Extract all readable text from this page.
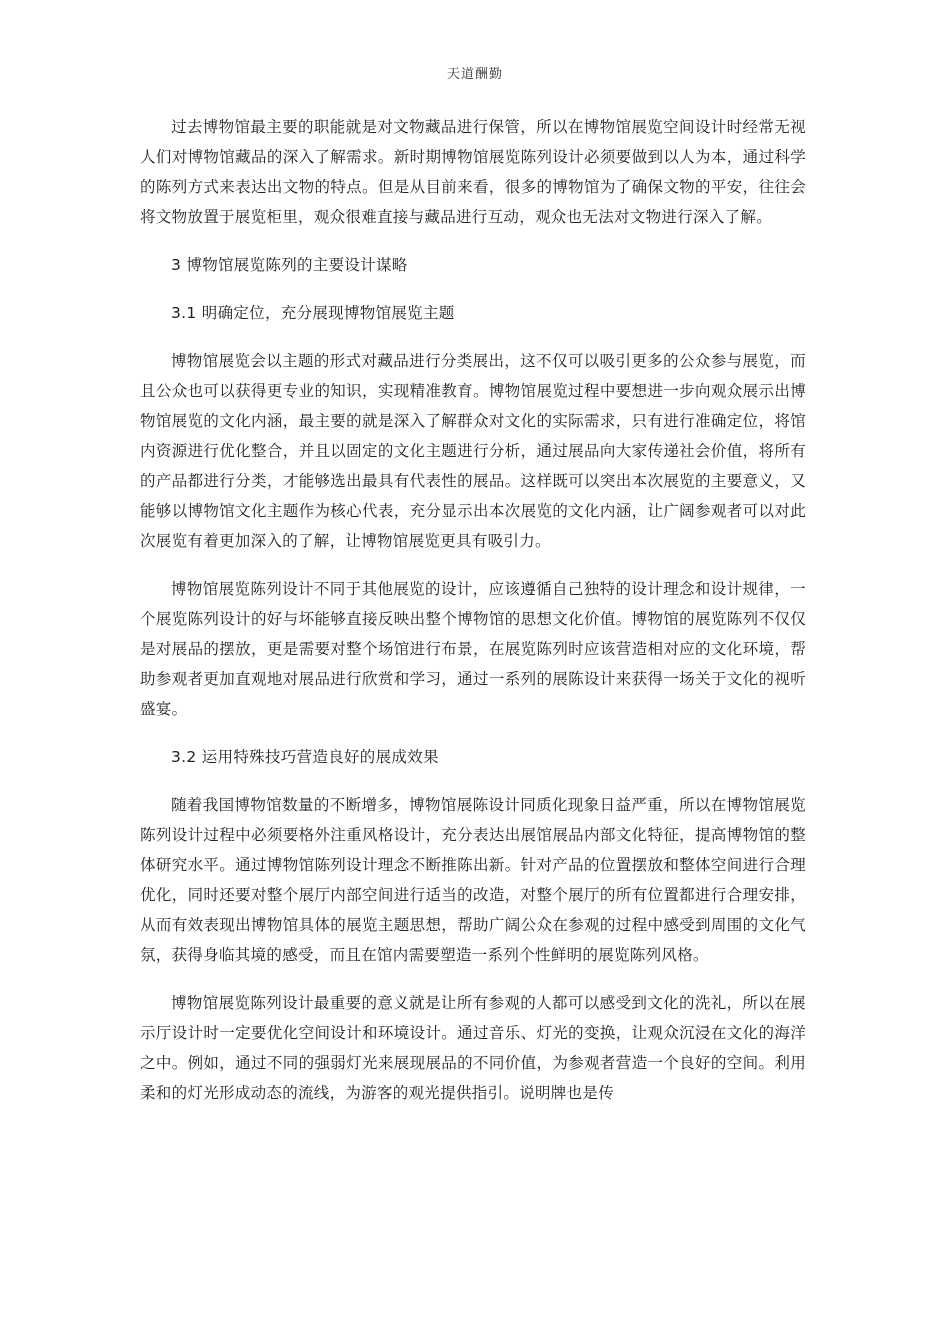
天道酬勤

过去博物馆最主要的职能就是对文物藏品进行保管，所以在博物馆展览空间设计时经常无视人们对博物馆藏品的深入了解需求。新时期博物馆展览陈列设计必须要做到以人为本，通过科学的陈列方式来表达出文物的特点。但是从目前来看，很多的博物馆为了确保文物的平安，往往会将文物放置于展览柜里，观众很难直接与藏品进行互动，观众也无法对文物进行深入了解。

3 博物馆展览陈列的主要设计谋略

3.1 明确定位，充分展现博物馆展览主题

博物馆展览会以主题的形式对藏品进行分类展出，这不仅可以吸引更多的公众参与展览，而且公众也可以获得更专业的知识，实现精准教育。博物馆展览过程中要想进一步向观众展示出博物馆展览的文化内涵，最主要的就是深入了解群众对文化的实际需求，只有进行准确定位，将馆内资源进行优化整合，并且以固定的文化主题进行分析，通过展品向大家传递社会价值，将所有的产品都进行分类，才能够选出最具有代表性的展品。这样既可以突出本次展览的主要意义，又能够以博物馆文化主题作为核心代表，充分显示出本次展览的文化内涵，让广阔参观者可以对此次展览有着更加深入的了解，让博物馆展览更具有吸引力。

博物馆展览陈列设计不同于其他展览的设计，应该遵循自己独特的设计理念和设计规律，一个展览陈列设计的好与坏能够直接反映出整个博物馆的思想文化价值。博物馆的展览陈列不仅仅是对展品的摆放，更是需要对整个场馆进行布景，在展览陈列时应该营造相对应的文化环境，帮助参观者更加直观地对展品进行欣赏和学习，通过一系列的展陈设计来获得一场关于文化的视听盛宴。

3.2 运用特殊技巧营造良好的展成效果

随着我国博物馆数量的不断增多，博物馆展陈设计同质化现象日益严重，所以在博物馆展览陈列设计过程中必须要格外注重风格设计，充分表达出展馆展品内部文化特征，提高博物馆的整体研究水平。通过博物馆陈列设计理念不断推陈出新。针对产品的位置摆放和整体空间进行合理优化，同时还要对整个展厅内部空间进行适当的改造，对整个展厅的所有位置都进行合理安排，从而有效表现出博物馆具体的展览主题思想，帮助广阔公众在参观的过程中感受到周围的文化气氛，获得身临其境的感受，而且在馆内需要塑造一系列个性鲜明的展览陈列风格。

博物馆展览陈列设计最重要的意义就是让所有参观的人都可以感受到文化的洗礼，所以在展示厅设计时一定要优化空间设计和环境设计。通过音乐、灯光的变换，让观众沉浸在文化的海洋之中。例如，通过不同的强弱灯光来展现展品的不同价值，为参观者营造一个良好的空间。利用柔和的灯光形成动态的流线，为游客的观光提供指引。说明牌也是传
